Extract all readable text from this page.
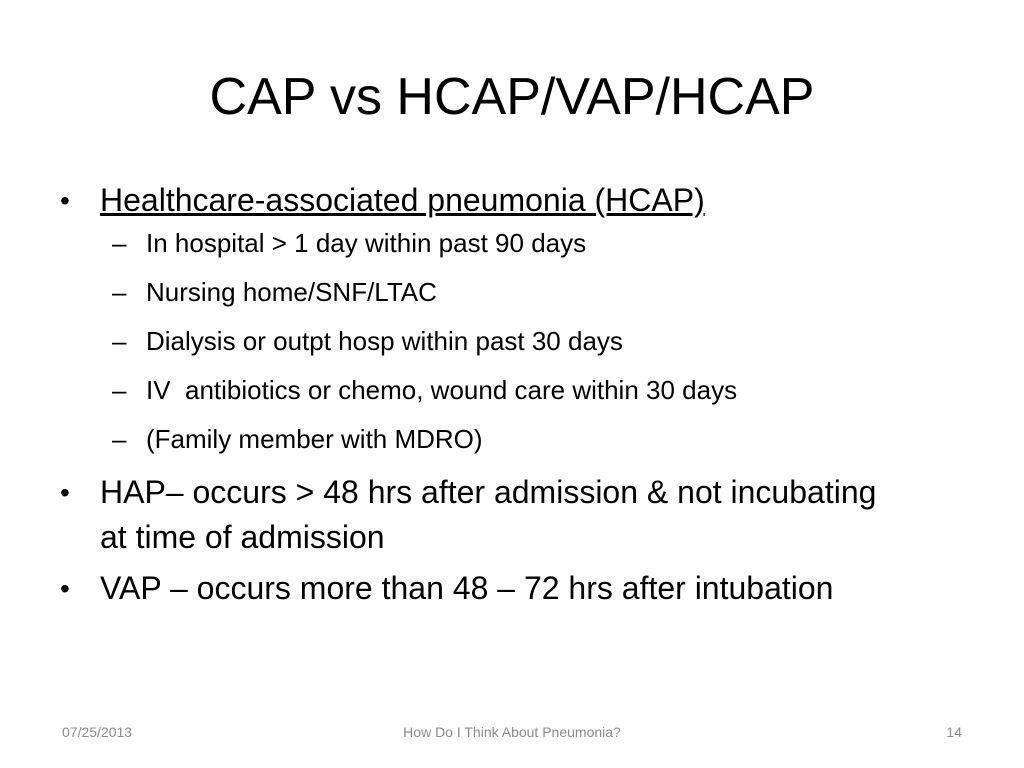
CAP vs HCAP/VAP/HCAP
• Healthcare-associated pneumonia (HCAP)
– In hospital > 1 day within past 90 days
– Nursing home/SNF/LTAC
– Dialysis or outpt hosp within past 30 days
– IV  antibiotics or chemo, wound care within 30 days
– (Family member with MDRO)
• HAP– occurs > 48 hrs after admission & not incubating at time of admission
• VAP – occurs more than 48 – 72 hrs after intubation
07/25/2013	How Do I Think About Pneumonia?	14
